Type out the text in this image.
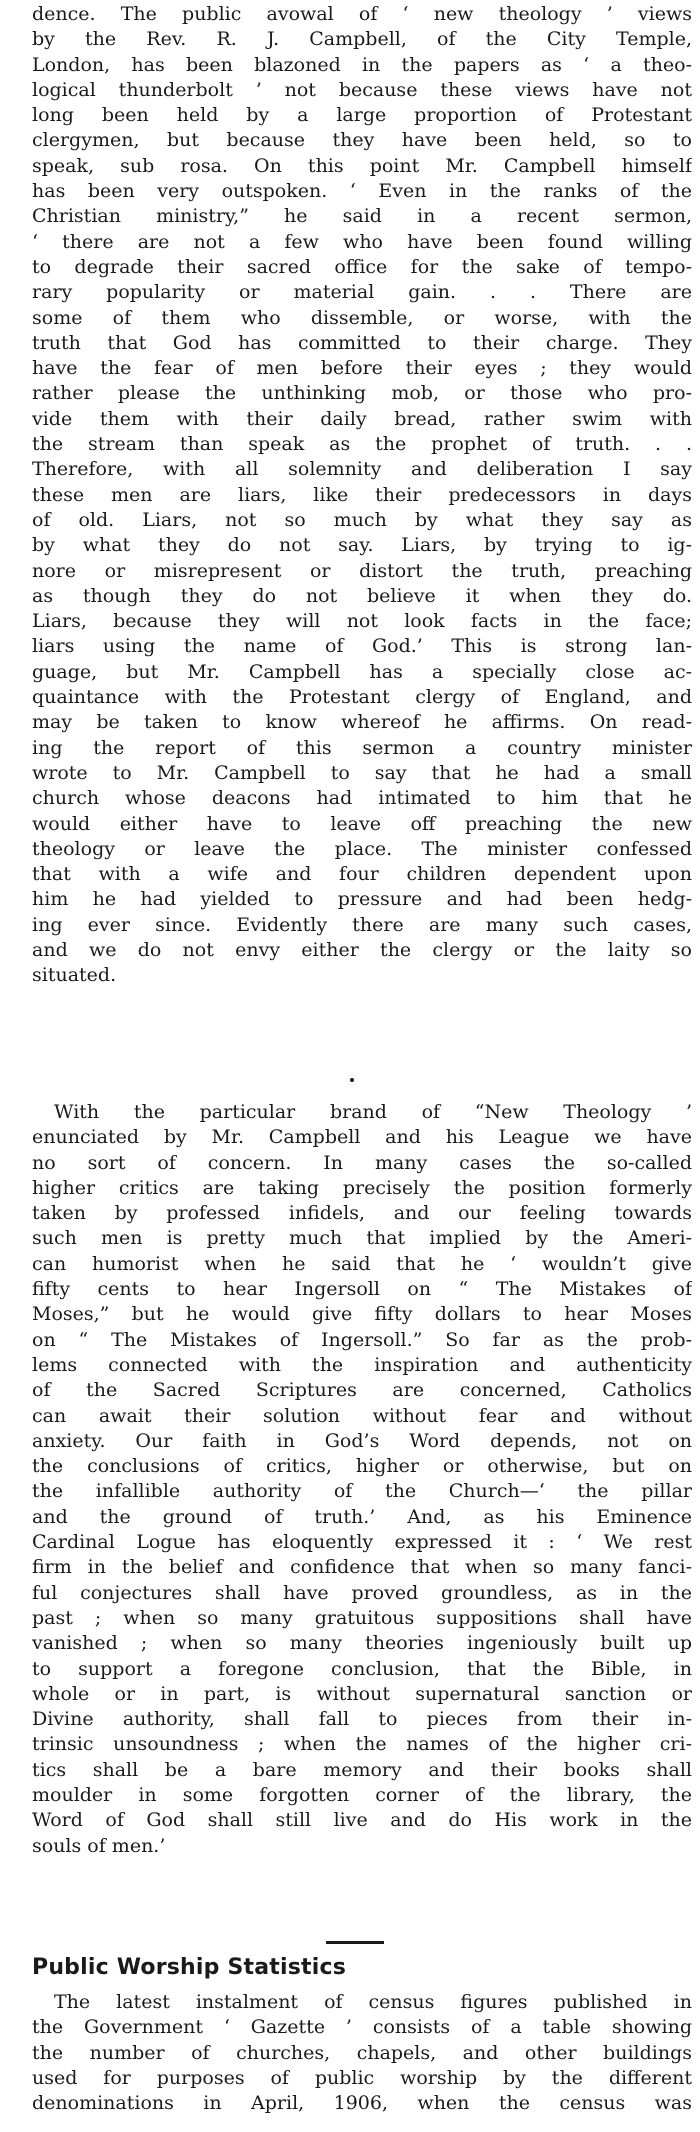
dence. The public avowal of ‘ new theology ’ views
by the Rev. R. J. Campbell, of the City Temple,
London, has been blazoned in the papers as ‘ a theo-
logical thunderbolt ’ not because these views have not
long been held by a large proportion of Protestant
clergymen, but because they have been held, so to
speak, sub rosa. On this point Mr. Campbell himself
has been very outspoken. ‘ Even in the ranks of the
Christian ministry,” he said in a recent sermon,
‘ there are not a few who have been found willing
to degrade their sacred office for the sake of tempo-
rary popularity or material gain. . . There are
some of them who dissemble, or worse, with the
truth that God has committed to their charge. They
have the fear of men before their eyes ; they would
rather please the unthinking mob, or those who pro-
vide them with their daily bread, rather swim with
the stream than speak as the prophet of truth. . .
Therefore, with all solemnity and deliberation I say
these men are liars, like their predecessors in days
of old. Liars, not so much by what they say as
by what they do not say. Liars, by trying to ig-
nore or misrepresent or distort the truth, preaching
as though they do not believe it when they do.
Liars, because they will not look facts in the face;
liars using the name of God.’ This is strong lan-
guage, but Mr. Campbell has a specially close ac-
quaintance with the Protestant clergy of England, and
may be taken to know whereof he affirms. On read-
ing the report of this sermon a country minister
wrote to Mr. Campbell to say that he had a small
church whose deacons had intimated to him that he
would either have to leave off preaching the new
theology or leave the place. The minister confessed
that with a wife and four children dependent upon
him he had yielded to pressure and had been hedg-
ing ever since. Evidently there are many such cases,
and we do not envy either the clergy or the laity so
situated.
With the particular brand of “New Theology ’
enunciated by Mr. Campbell and his League we have
no sort of concern. In many cases the so-called
higher critics are taking precisely the position formerly
taken by professed infidels, and our feeling towards
such men is pretty much that implied by the Ameri-
can humorist when he said that he ‘ wouldn’t give
fifty cents to hear Ingersoll on “ The Mistakes of
Moses,” but he would give fifty dollars to hear Moses
on “ The Mistakes of Ingersoll.” So far as the prob-
lems connected with the inspiration and authenticity
of the Sacred Scriptures are concerned, Catholics
can await their solution without fear and without
anxiety. Our faith in God’s Word depends, not on
the conclusions of critics, higher or otherwise, but on
the infallible authority of the Church—‘ the pillar
and the ground of truth.’ And, as his Eminence
Cardinal Logue has eloquently expressed it : ‘ We rest
firm in the belief and confidence that when so many fanci-
ful conjectures shall have proved groundless, as in the
past ; when so many gratuitous suppositions shall have
vanished ; when so many theories ingeniously built up
to support a foregone conclusion, that the Bible, in
whole or in part, is without supernatural sanction or
Divine authority, shall fall to pieces from their in-
trinsic unsoundness ; when the names of the higher cri-
tics shall be a bare memory and their books shall
moulder in some forgotten corner of the library, the
Word of God shall still live and do His work in the
souls of men.’
Public Worship Statistics
The latest instalment of census figures published in
the Government ‘ Gazette ’ consists of a table showing
the number of churches, chapels, and other buildings
used for purposes of public worship by the different
denominations in April, 1906, when the census was
